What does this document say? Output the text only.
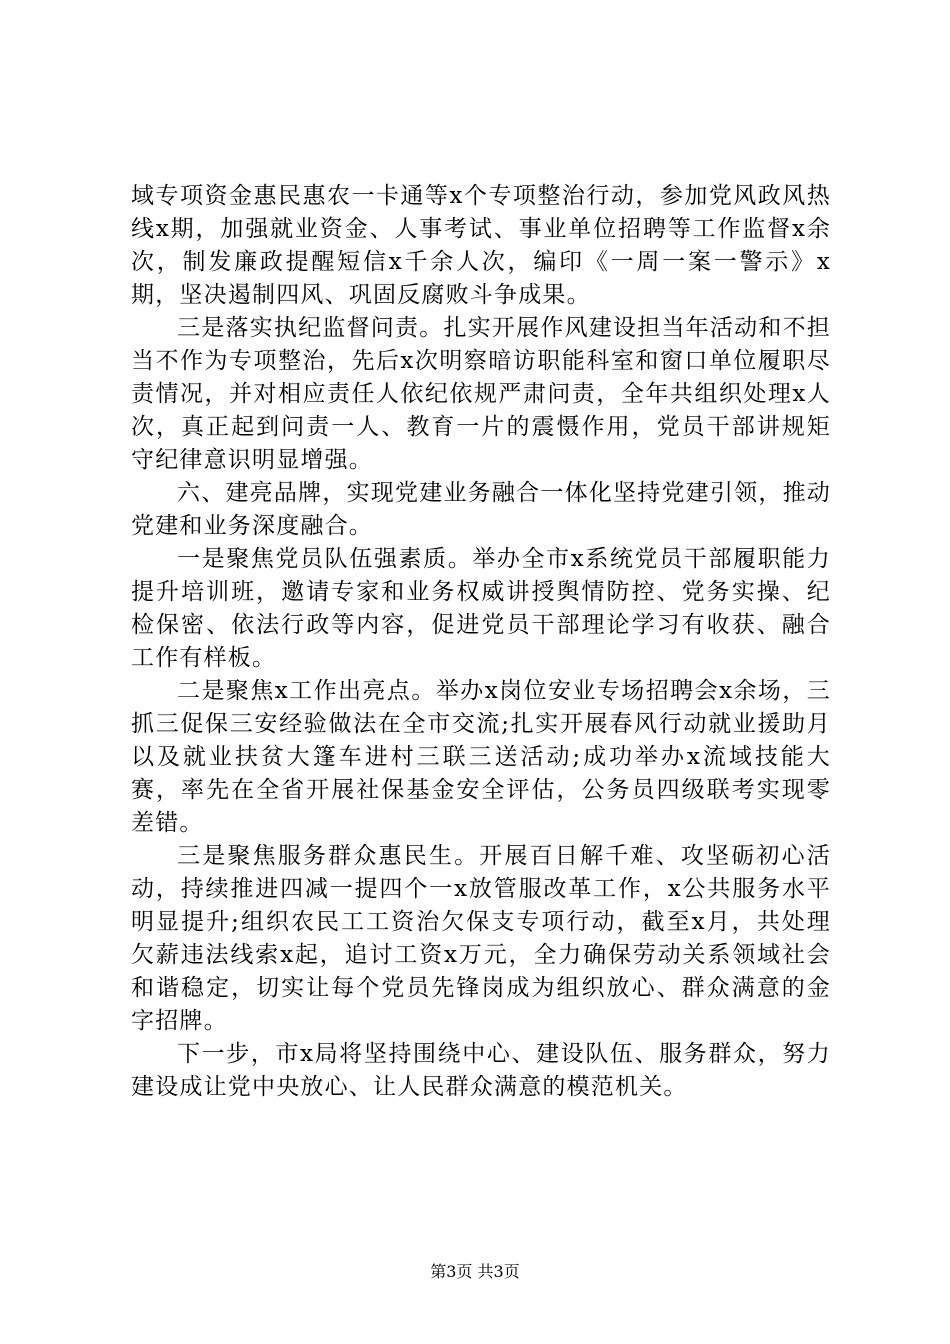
域专项资金惠民惠农一卡通等x个专项整治行动，参加党风政风热线x期，加强就业资金、人事考试、事业单位招聘等工作监督x余次，制发廉政提醒短信x千余人次，编印《一周一案一警示》x期，坚决遏制四风、巩固反腐败斗争成果。

三是落实执纪监督问责。扎实开展作风建设担当年活动和不担当不作为专项整治，先后x次明察暗访职能科室和窗口单位履职尽责情况，并对相应责任人依纪依规严肃问责，全年共组织处理x人次，真正起到问责一人、教育一片的震慑作用，党员干部讲规矩守纪律意识明显增强。

六、建亮品牌，实现党建业务融合一体化坚持党建引领，推动党建和业务深度融合。

一是聚焦党员队伍强素质。举办全市x系统党员干部履职能力提升培训班，邀请专家和业务权威讲授舆情防控、党务实操、纪检保密、依法行政等内容，促进党员干部理论学习有收获、融合工作有样板。

二是聚焦x工作出亮点。举办x岗位安业专场招聘会x余场，三抓三促保三安经验做法在全市交流;扎实开展春风行动就业援助月以及就业扶贫大篷车进村三联三送活动;成功举办x流域技能大赛，率先在全省开展社保基金安全评估，公务员四级联考实现零差错。

三是聚焦服务群众惠民生。开展百日解千难、攻坚砺初心活动，持续推进四减一提四个一x放管服改革工作，x公共服务水平明显提升;组织农民工工资治欠保支专项行动，截至x月，共处理欠薪违法线索x起，追讨工资x万元，全力确保劳动关系领域社会和谐稳定，切实让每个党员先锋岗成为组织放心、群众满意的金字招牌。

下一步，市x局将坚持围绕中心、建设队伍、服务群众，努力建设成让党中央放心、让人民群众满意的模范机关。

第3页 共3页
